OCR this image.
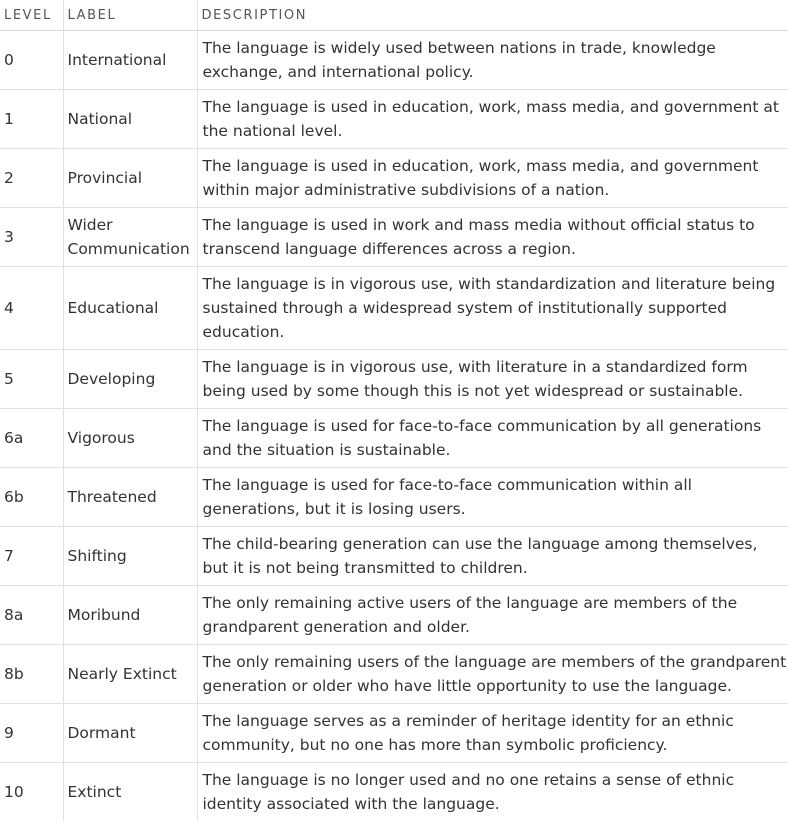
LEVEL	LABEL	DESCRIPTION
0	International	The language is widely used between nations in trade, knowledge exchange, and international policy.
1	National	The language is used in education, work, mass media, and government at the national level.
2	Provincial	The language is used in education, work, mass media, and government within major administrative subdivisions of a nation.
3	Wider Communication	The language is used in work and mass media without official status to transcend language differences across a region.
4	Educational	The language is in vigorous use, with standardization and literature being sustained through a widespread system of institutionally supported education.
5	Developing	The language is in vigorous use, with literature in a standardized form being used by some though this is not yet widespread or sustainable.
6a	Vigorous	The language is used for face-to-face communication by all generations and the situation is sustainable.
6b	Threatened	The language is used for face-to-face communication within all generations, but it is losing users.
7	Shifting	The child-bearing generation can use the language among themselves, but it is not being transmitted to children.
8a	Moribund	The only remaining active users of the language are members of the grandparent generation and older.
8b	Nearly Extinct	The only remaining users of the language are members of the grandparent generation or older who have little opportunity to use the language.
9	Dormant	The language serves as a reminder of heritage identity for an ethnic community, but no one has more than symbolic proficiency.
10	Extinct	The language is no longer used and no one retains a sense of ethnic identity associated with the language.
